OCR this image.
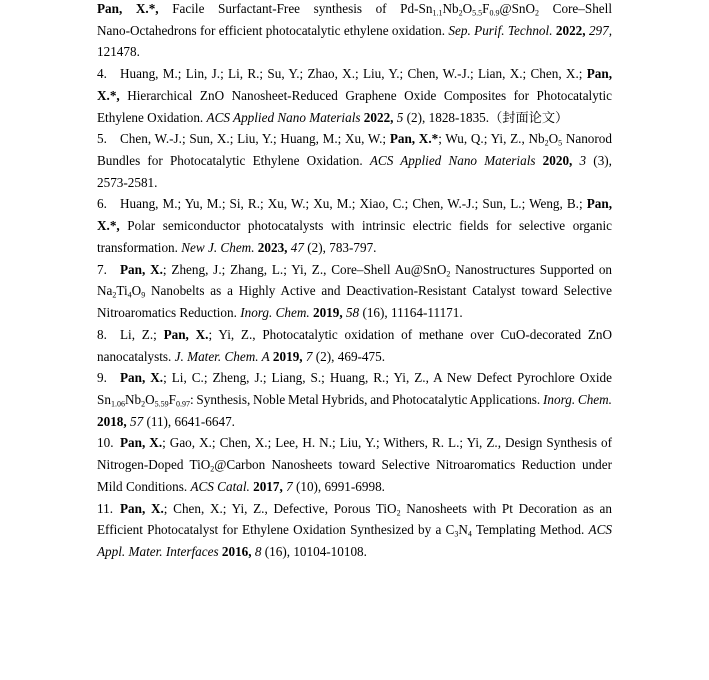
Pan, X.*, Facile Surfactant-Free synthesis of $Pd-Sn_{1.1}Nb_2O_{5.5}F_{0.9}@SnO_2$ Core–Shell
Nano-Octahedrons for efficient photocatalytic ethylene oxidation. Sep. Purif. Technol. 2022, 297,
121478.
4. Huang, M.; Lin, J.; Li, R.; Su, Y.; Zhao, X.; Liu, Y.; Chen, W.-J.; Lian, X.; Chen, X.; Pan,
X.*, Hierarchical ZnO Nanosheet-Reduced Graphene Oxide Composites for Photocatalytic
Ethylene Oxidation. ACS Applied Nano Materials 2022, 5 (2), 1828-1835.（封面论文）
5. Chen, W.-J.; Sun, X.; Liu, Y.; Huang, M.; Xu, W.; Pan, X.*; Wu, Q.; Yi, Z., $Nb_2O_5$ Nanorod
Bundles for Photocatalytic Ethylene Oxidation. ACS Applied Nano Materials 2020, 3 (3),
2573-2581.
6. Huang, M.; Yu, M.; Si, R.; Xu, W.; Xu, M.; Xiao, C.; Chen, W.-J.; Sun, L.; Weng, B.; Pan,
X.*, Polar semiconductor photocatalysts with intrinsic electric fields for selective organic
transformation. New J. Chem. 2023, 47 (2), 783-797.
7. Pan, X.; Zheng, J.; Zhang, L.; Yi, Z., Core–Shell Au@SnO$_2$ Nanostructures Supported on
$Na_2Ti_4O_9$ Nanobelts as a Highly Active and Deactivation-Resistant Catalyst toward Selective
Nitroaromatics Reduction. Inorg. Chem. 2019, 58 (16), 11164-11171.
8. Li, Z.; Pan, X.; Yi, Z., Photocatalytic oxidation of methane over CuO-decorated ZnO
nanocatalysts. J. Mater. Chem. A 2019, 7 (2), 469-475.
9. Pan, X.; Li, C.; Zheng, J.; Liang, S.; Huang, R.; Yi, Z., A New Defect Pyrochlore Oxide
$Sn_{1.06}Nb_2O_{5.59}F_{0.97}$: Synthesis, Noble Metal Hybrids, and Photocatalytic Applications. Inorg. Chem.
2018, 57 (11), 6641-6647.
10. Pan, X.; Gao, X.; Chen, X.; Lee, H. N.; Liu, Y.; Withers, R. L.; Yi, Z., Design Synthesis of
Nitrogen-Doped TiO$_2$@Carbon Nanosheets toward Selective Nitroaromatics Reduction under
Mild Conditions. ACS Catal. 2017, 7 (10), 6991-6998.
11. Pan, X.; Chen, X.; Yi, Z., Defective, Porous TiO$_2$ Nanosheets with Pt Decoration as an
Efficient Photocatalyst for Ethylene Oxidation Synthesized by a $C_3N_4$ Templating Method. ACS
Appl. Mater. Interfaces 2016, 8 (16), 10104-10108.
